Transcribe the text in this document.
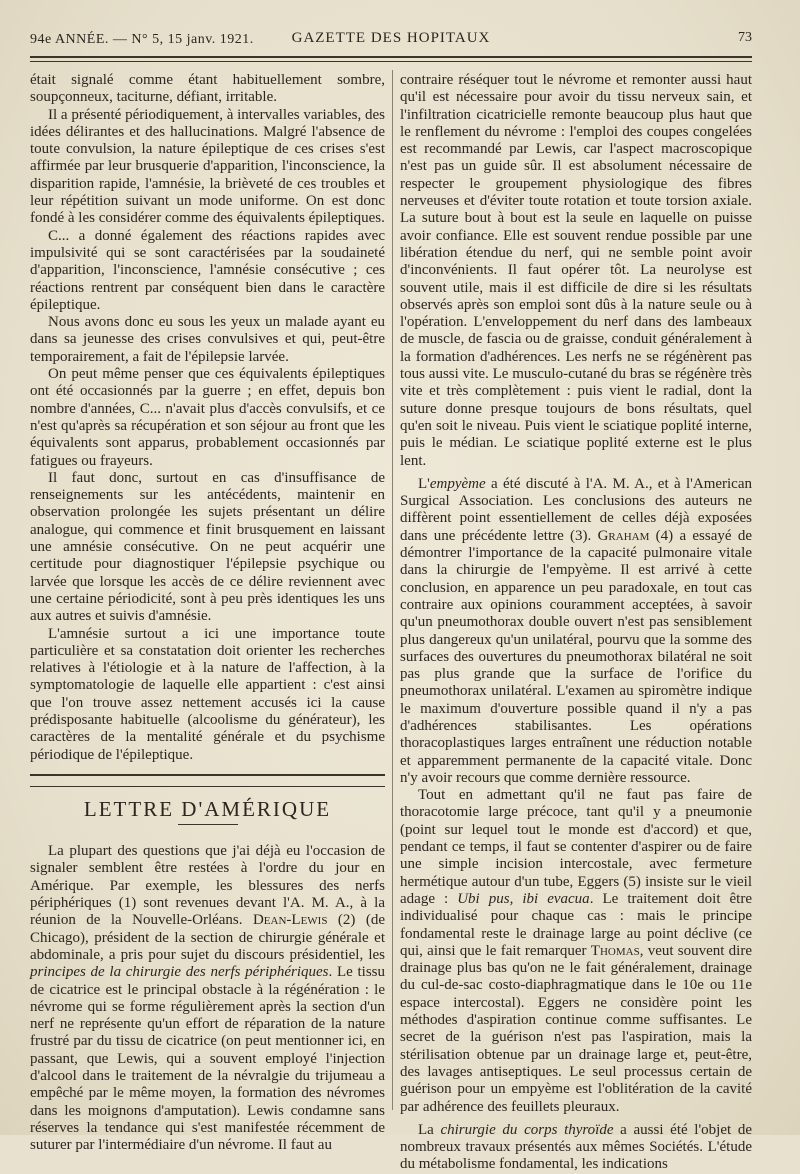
94e ANNÉE. — N° 5, 15 janv. 1921.	GAZETTE DES HOPITAUX	73

était signalé comme étant habituellement sombre, soupçonneux, taciturne, défiant, irritable.

Il a présenté périodiquement, à intervalles variables, des idées délirantes et des hallucinations. Malgré l'absence de toute convulsion, la nature épileptique de ces crises s'est affirmée par leur brusquerie d'apparition, l'inconscience, la disparition rapide, l'amnésie, la brièveté de ces troubles et leur répétition suivant un mode uniforme. On est donc fondé à les considérer comme des équivalents épileptiques.

C... a donné également des réactions rapides avec impulsivité qui se sont caractérisées par la soudaineté d'apparition, l'inconscience, l'amnésie consécutive ; ces réactions rentrent par conséquent bien dans le caractère épileptique.

Nous avons donc eu sous les yeux un malade ayant eu dans sa jeunesse des crises convulsives et qui, peut-être temporairement, a fait de l'épilepsie larvée.

On peut même penser que ces équivalents épileptiques ont été occasionnés par la guerre ; en effet, depuis bon nombre d'années, C... n'avait plus d'accès convulsifs, et ce n'est qu'après sa récupération et son séjour au front que les équivalents sont apparus, probablement occasionnés par fatigues ou frayeurs.

Il faut donc, surtout en cas d'insuffisance de renseignements sur les antécédents, maintenir en observation prolongée les sujets présentant un délire analogue, qui commence et finit brusquement en laissant une amnésie consécutive. On ne peut acquérir une certitude pour diagnostiquer l'épilepsie psychique ou larvée que lorsque les accès de ce délire reviennent avec une certaine périodicité, sont à peu près identiques les uns aux autres et suivis d'amnésie.

L'amnésie surtout a ici une importance toute particulière et sa constatation doit orienter les recherches relatives à l'étiologie et à la nature de l'affection, à la symptomatologie de laquelle elle appartient : c'est ainsi que l'on trouve assez nettement accusés ici la cause prédisposante habituelle (alcoolisme du générateur), les caractères de la mentalité générale et du psychisme périodique de l'épileptique.

LETTRE D'AMÉRIQUE

La plupart des questions que j'ai déjà eu l'occasion de signaler semblent être restées à l'ordre du jour en Amérique. Par exemple, les blessures des nerfs périphériques (1) sont revenues devant l'A. M. A., à la réunion de la Nouvelle-Orléans. Dean-Lewis (2) (de Chicago), président de la section de chirurgie générale et abdominale, a pris pour sujet du discours présidentiel, les principes de la chirurgie des nerfs périphériques. Le tissu de cicatrice est le principal obstacle à la régénération : le névrome qui se forme régulièrement après la section d'un nerf ne représente qu'un effort de réparation de la nature frustré par du tissu de cicatrice (on peut mentionner ici, en passant, que Lewis, qui a souvent employé l'injection d'alcool dans le traitement de la névralgie du trijumeau a empêché par le même moyen, la formation des névromes dans les moignons d'amputation). Lewis condamne sans réserves la tendance qui s'est manifestée récemment de suturer par l'intermédiaire d'un névrome. Il faut au

contraire réséquer tout le névrome et remonter aussi haut qu'il est nécessaire pour avoir du tissu nerveux sain, et l'infiltration cicatricielle remonte beaucoup plus haut que le renflement du névrome : l'emploi des coupes congelées est recommandé par Lewis, car l'aspect macroscopique n'est pas un guide sûr. Il est absolument nécessaire de respecter le groupement physiologique des fibres nerveuses et d'éviter toute rotation et toute torsion axiale. La suture bout à bout est la seule en laquelle on puisse avoir confiance. Elle est souvent rendue possible par une libération étendue du nerf, qui ne semble point avoir d'inconvénients. Il faut opérer tôt. La neurolyse est souvent utile, mais il est difficile de dire si les résultats observés après son emploi sont dûs à la nature seule ou à l'opération. L'enveloppement du nerf dans des lambeaux de muscle, de fascia ou de graisse, conduit généralement à la formation d'adhérences. Les nerfs ne se régénèrent pas tous aussi vite. Le musculo-cutané du bras se régénère très vite et très complètement : puis vient le radial, dont la suture donne presque toujours de bons résultats, quel qu'en soit le niveau. Puis vient le sciatique poplité interne, puis le médian. Le sciatique poplité externe est le plus lent.

L'empyème a été discuté à l'A. M. A., et à l'American Surgical Association. Les conclusions des auteurs ne diffèrent point essentiellement de celles déjà exposées dans une précédente lettre (3). Graham (4) a essayé de démontrer l'importance de la capacité pulmonaire vitale dans la chirurgie de l'empyème. Il est arrivé à cette conclusion, en apparence un peu paradoxale, en tout cas contraire aux opinions couramment acceptées, à savoir qu'un pneumothorax double ouvert n'est pas sensiblement plus dangereux qu'un unilatéral, pourvu que la somme des surfaces des ouvertures du pneumothorax bilatéral ne soit pas plus grande que la surface de l'orifice du pneumothorax unilatéral. L'examen au spiromètre indique le maximum d'ouverture possible quand il n'y a pas d'adhérences stabilisantes. Les opérations thoracoplastiques larges entraînent une réduction notable et apparemment permanente de la capacité vitale. Donc n'y avoir recours que comme dernière ressource.

Tout en admettant qu'il ne faut pas faire de thoracotomie large précoce, tant qu'il y a pneumonie (point sur lequel tout le monde est d'accord) et que, pendant ce temps, il faut se contenter d'aspirer ou de faire une simple incision intercostale, avec fermeture hermétique autour d'un tube, Eggers (5) insiste sur le vieil adage : Ubi pus, ibi evacua. Le traitement doit être individualisé pour chaque cas : mais le principe fondamental reste le drainage large au point déclive (ce qui, ainsi que le fait remarquer Thomas, veut souvent dire drainage plus bas qu'on ne le fait généralement, drainage du cul-de-sac costo-diaphragmatique dans le 10e ou 11e espace intercostal). Eggers ne considère point les méthodes d'aspiration continue comme suffisantes. Le secret de la guérison n'est pas l'aspiration, mais la stérilisation obtenue par un drainage large et, peut-être, des lavages antiseptiques. Le seul processus certain de guérison pour un empyème est l'oblitération de la cavité par adhérence des feuillets pleuraux.

La chirurgie du corps thyroïde a aussi été l'objet de nombreux travaux présentés aux mêmes Sociétés. L'étude du métabolisme fondamental, les indications
